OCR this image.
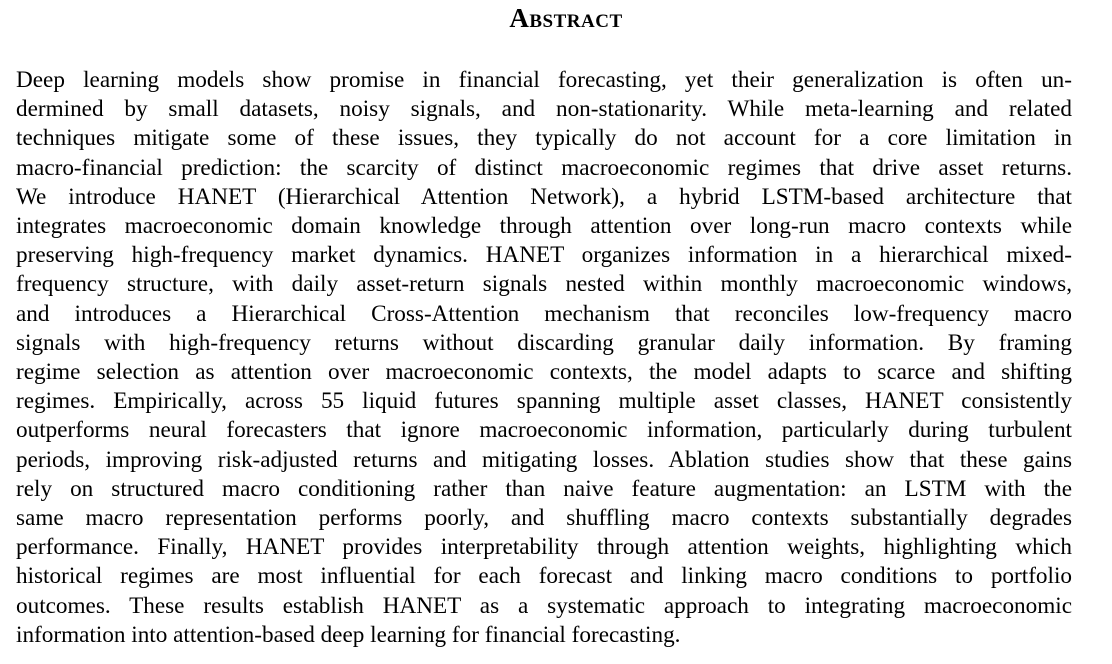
Abstract
Deep learning models show promise in financial forecasting, yet their generalization is often un-
dermined by small datasets, noisy signals, and non-stationarity. While meta-learning and related
techniques mitigate some of these issues, they typically do not account for a core limitation in
macro-financial prediction: the scarcity of distinct macroeconomic regimes that drive asset returns.
We introduce HANET (Hierarchical Attention Network), a hybrid LSTM-based architecture that
integrates macroeconomic domain knowledge through attention over long-run macro contexts while
preserving high-frequency market dynamics. HANET organizes information in a hierarchical mixed-
frequency structure, with daily asset-return signals nested within monthly macroeconomic windows,
and introduces a Hierarchical Cross-Attention mechanism that reconciles low-frequency macro
signals with high-frequency returns without discarding granular daily information. By framing
regime selection as attention over macroeconomic contexts, the model adapts to scarce and shifting
regimes. Empirically, across 55 liquid futures spanning multiple asset classes, HANET consistently
outperforms neural forecasters that ignore macroeconomic information, particularly during turbulent
periods, improving risk-adjusted returns and mitigating losses. Ablation studies show that these gains
rely on structured macro conditioning rather than naive feature augmentation: an LSTM with the
same macro representation performs poorly, and shuffling macro contexts substantially degrades
performance. Finally, HANET provides interpretability through attention weights, highlighting which
historical regimes are most influential for each forecast and linking macro conditions to portfolio
outcomes. These results establish HANET as a systematic approach to integrating macroeconomic
information into attention-based deep learning for financial forecasting.
